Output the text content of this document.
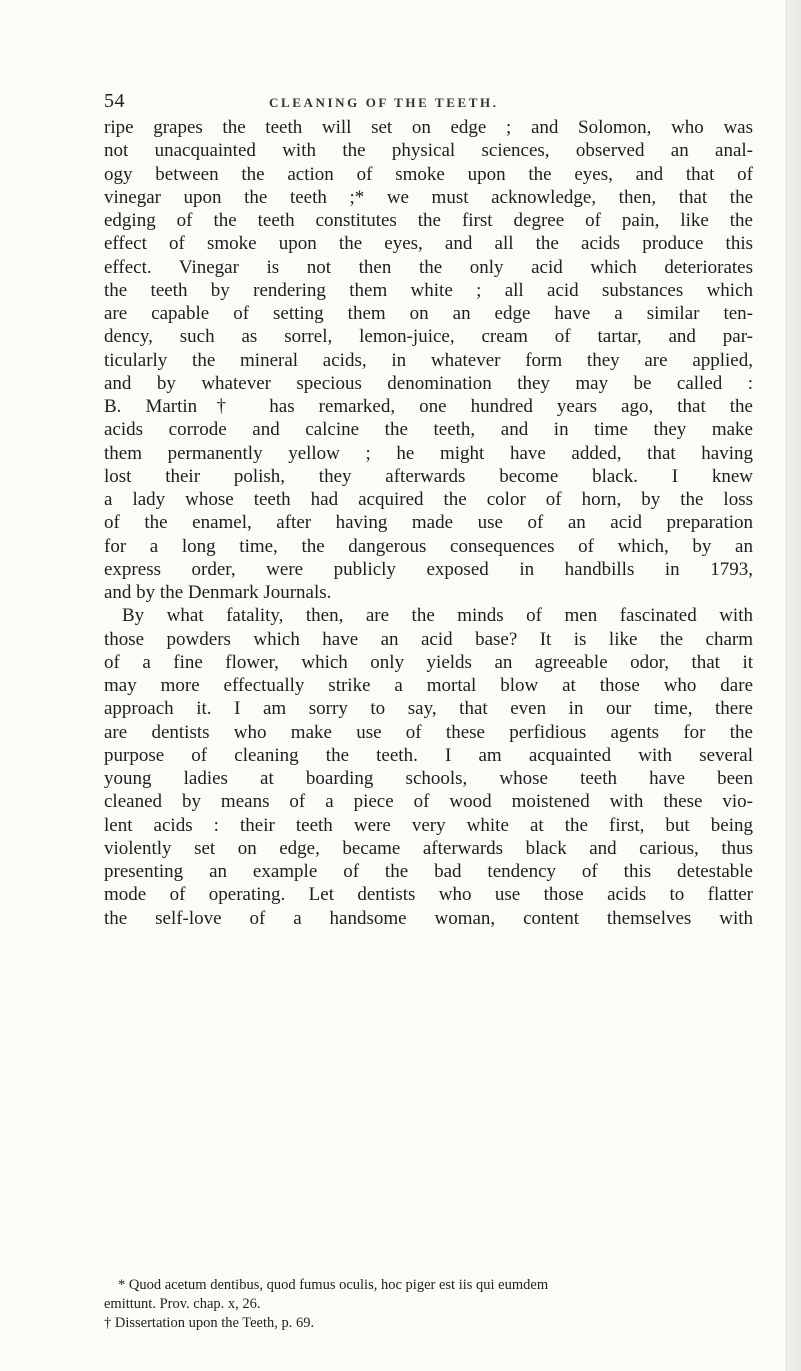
54	CLEANING OF THE TEETH.

ripe grapes the teeth will set on edge ; and Solomon, who was
not unacquainted with the physical sciences, observed an anal-
ogy between the action of smoke upon the eyes, and that of
vinegar upon the teeth ;* we must acknowledge, then, that the
edging of the teeth constitutes the first degree of pain, like the
effect of smoke upon the eyes, and all the acids produce this
effect. Vinegar is not then the only acid which deteriorates
the teeth by rendering them white ; all acid substances which
are capable of setting them on an edge have a similar ten-
dency, such as sorrel, lemon-juice, cream of tartar, and par-
ticularly the mineral acids, in whatever form they are applied,
and by whatever specious denomination they may be called :
B. Martin† has remarked, one hundred years ago, that the
acids corrode and calcine the teeth, and in time they make
them permanently yellow ; he might have added, that having
lost their polish, they afterwards become black. I knew
a lady whose teeth had acquired the color of horn, by the loss
of the enamel, after having made use of an acid preparation
for a long time, the dangerous consequences of which, by an
express order, were publicly exposed in handbills in 1793,
and by the Denmark Journals.

By what fatality, then, are the minds of men fascinated with
those powders which have an acid base? It is like the charm
of a fine flower, which only yields an agreeable odor, that it
may more effectually strike a mortal blow at those who dare
approach it. I am sorry to say, that even in our time, there
are dentists who make use of these perfidious agents for the
purpose of cleaning the teeth. I am acquainted with several
young ladies at boarding schools, whose teeth have been
cleaned by means of a piece of wood moistened with these vio-
lent acids : their teeth were very white at the first, but being
violently set on edge, became afterwards black and carious, thus
presenting an example of the bad tendency of this detestable
mode of operating. Let dentists who use those acids to flatter
the self-love of a handsome woman, content themselves with

* Quod acetum dentibus, quod fumus oculis, hoc piger est iis qui eumdem
emittunt. Prov. chap. x, 26.
† Dissertation upon the Teeth, p. 69.
